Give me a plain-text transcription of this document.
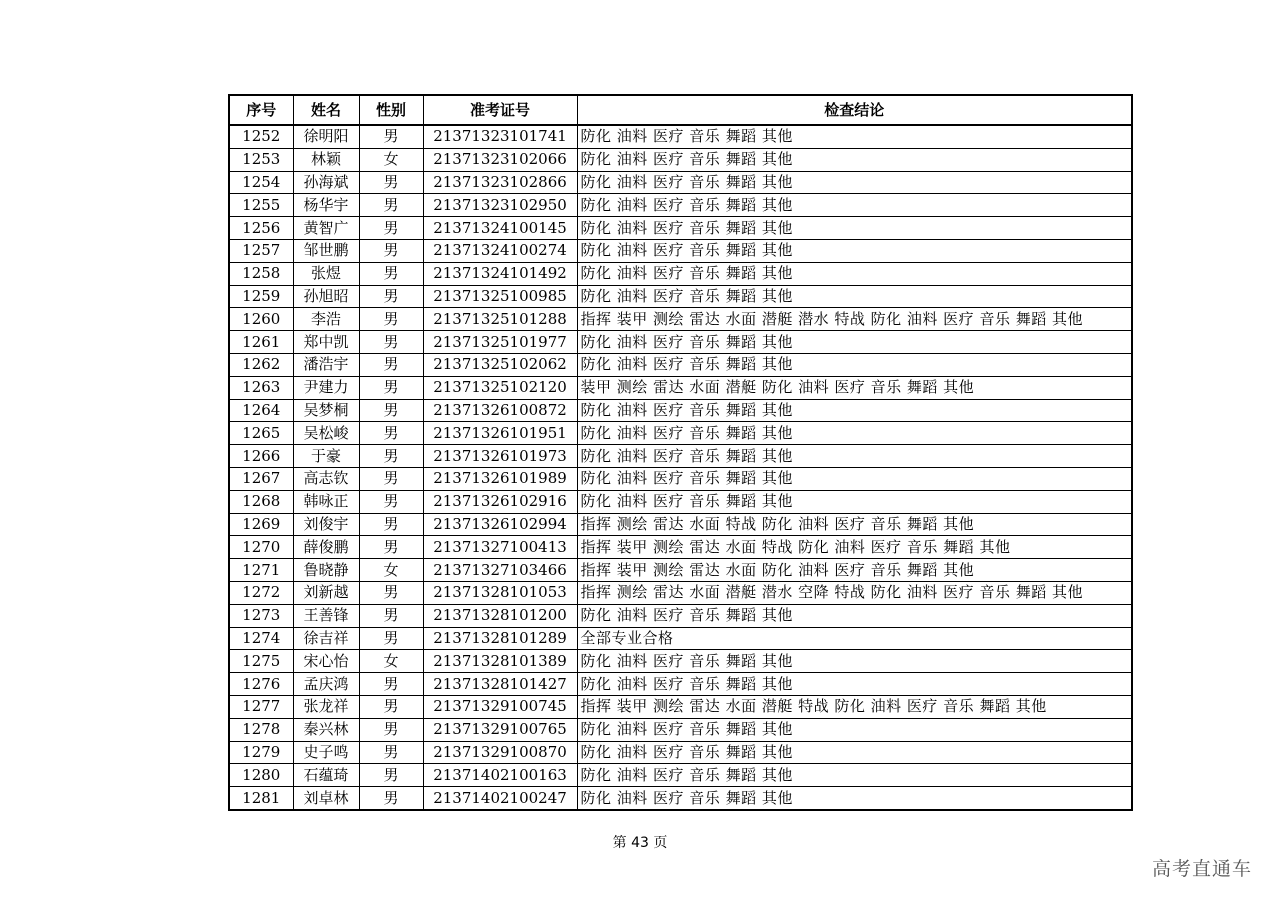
序号	姓名	性别	准考证号	检查结论
1252	徐明阳	男	21371323101741	防化 油料 医疗 音乐 舞蹈 其他
1253	林颖	女	21371323102066	防化 油料 医疗 音乐 舞蹈 其他
1254	孙海斌	男	21371323102866	防化 油料 医疗 音乐 舞蹈 其他
1255	杨华宇	男	21371323102950	防化 油料 医疗 音乐 舞蹈 其他
1256	黄智广	男	21371324100145	防化 油料 医疗 音乐 舞蹈 其他
1257	邹世鹏	男	21371324100274	防化 油料 医疗 音乐 舞蹈 其他
1258	张煜	男	21371324101492	防化 油料 医疗 音乐 舞蹈 其他
1259	孙旭昭	男	21371325100985	防化 油料 医疗 音乐 舞蹈 其他
1260	李浩	男	21371325101288	指挥 装甲 测绘 雷达 水面 潜艇 潜水 特战 防化 油料 医疗 音乐 舞蹈 其他
1261	郑中凯	男	21371325101977	防化 油料 医疗 音乐 舞蹈 其他
1262	潘浩宇	男	21371325102062	防化 油料 医疗 音乐 舞蹈 其他
1263	尹建力	男	21371325102120	装甲 测绘 雷达 水面 潜艇 防化 油料 医疗 音乐 舞蹈 其他
1264	吴梦桐	男	21371326100872	防化 油料 医疗 音乐 舞蹈 其他
1265	吴松峻	男	21371326101951	防化 油料 医疗 音乐 舞蹈 其他
1266	于豪	男	21371326101973	防化 油料 医疗 音乐 舞蹈 其他
1267	高志钦	男	21371326101989	防化 油料 医疗 音乐 舞蹈 其他
1268	韩咏正	男	21371326102916	防化 油料 医疗 音乐 舞蹈 其他
1269	刘俊宇	男	21371326102994	指挥 测绘 雷达 水面 特战 防化 油料 医疗 音乐 舞蹈 其他
1270	薛俊鹏	男	21371327100413	指挥 装甲 测绘 雷达 水面 特战 防化 油料 医疗 音乐 舞蹈 其他
1271	鲁晓静	女	21371327103466	指挥 装甲 测绘 雷达 水面 防化 油料 医疗 音乐 舞蹈 其他
1272	刘新越	男	21371328101053	指挥 测绘 雷达 水面 潜艇 潜水 空降 特战 防化 油料 医疗 音乐 舞蹈 其他
1273	王善锋	男	21371328101200	防化 油料 医疗 音乐 舞蹈 其他
1274	徐吉祥	男	21371328101289	全部专业合格
1275	宋心怡	女	21371328101389	防化 油料 医疗 音乐 舞蹈 其他
1276	孟庆鸿	男	21371328101427	防化 油料 医疗 音乐 舞蹈 其他
1277	张龙祥	男	21371329100745	指挥 装甲 测绘 雷达 水面 潜艇 特战 防化 油料 医疗 音乐 舞蹈 其他
1278	秦兴林	男	21371329100765	防化 油料 医疗 音乐 舞蹈 其他
1279	史子鸣	男	21371329100870	防化 油料 医疗 音乐 舞蹈 其他
1280	石蕴琦	男	21371402100163	防化 油料 医疗 音乐 舞蹈 其他
1281	刘卓林	男	21371402100247	防化 油料 医疗 音乐 舞蹈 其他
第 43 页
高考直通车
